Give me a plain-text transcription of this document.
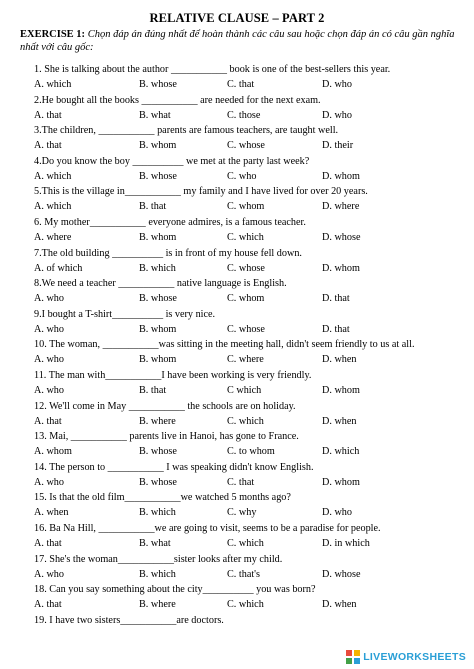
RELATIVE CLAUSE – PART 2
EXERCISE 1: Chọn đáp án đúng nhất để hoàn thành các câu sau hoặc chọn đáp án có câu gần nghĩa nhất với câu gốc:
1. She is talking about the author ___________ book is one of the best-sellers this year.
A. which	B. whose	C. that	D. who
2.He bought all the books ___________ are needed for the next exam.
A. that	B. what	C. those	D. who
3.The children, ___________ parents are famous teachers, are taught well.
A. that	B. whom	C. whose	D. their
4.Do you know the boy __________ we met at the party last week?
A. which	B. whose	C. who	D. whom
5.This is the village in___________ my family and I have lived for over 20 years.
A. which	B. that	C. whom	D. where
6. My mother___________ everyone admires, is a famous teacher.
A. where	B. whom	C. which	D. whose
7.The old building __________ is in front of my house fell down.
A. of which	B. which	C. whose	D. whom
8.We need a teacher ___________ native language is English.
A. who	B. whose	C. whom	D. that
9.I bought a T-shirt__________ is very nice.
A. who	B. whom	C. whose	D. that
10. The woman, ___________was sitting in the meeting hall, didn't seem friendly to us at all.
A. who	B. whom	C. where	D. when
11. The man with___________I have been working is very friendly.
A. who	B. that	C which	D. whom
12. We'll come in May ___________ the schools are on holiday.
A. that	B. where	C. which	D. when
13. Mai, ___________ parents live in Hanoi, has gone to France.
A. whom	B. whose	C. to whom	D. which
14. The person to ___________ I was speaking didn't know English.
A. who	B. whose	C. that	D. whom
15. Is that the old film___________we watched 5 months ago?
A. when	B. which	C. why	D. who
16. Ba Na Hill, ___________we are going to visit, seems to be a paradise for people.
A. that	B. what	C. which	D. in which
17. She's the woman___________sister looks after my child.
A. who	B. which	C. that's	D. whose
18. Can you say something about the city__________ you was born?
A. that	B. where	C. which	D. when
19. I have two sisters___________are doctors.
LIVEWORKSHEETS
